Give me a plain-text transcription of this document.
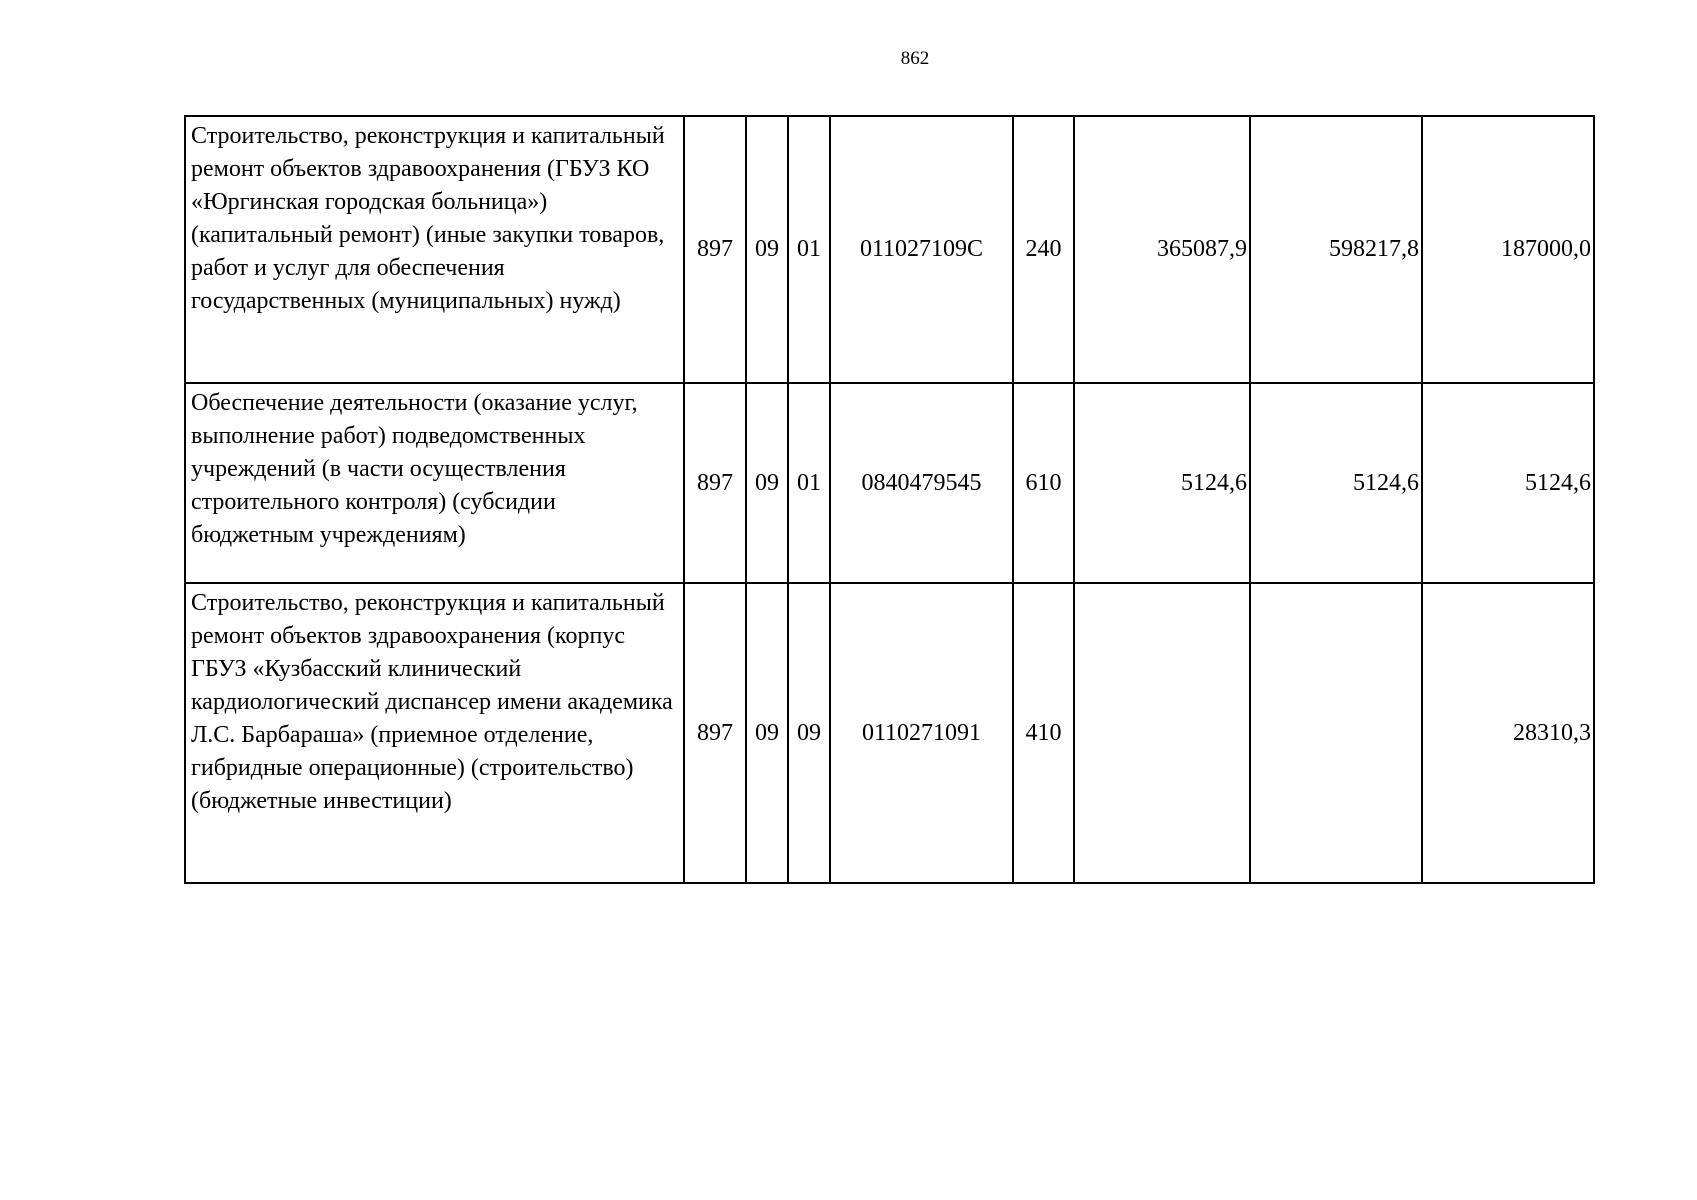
862
Строительство, реконструкция и капитальный ремонт объектов здравоохранения (ГБУЗ КО «Юргинская городская больница») (капитальный ремонт) (иные закупки товаров, работ и услуг для обеспечения государственных (муниципальных) нужд)	897	09	01	011027109С	240	365087,9	598217,8	187000,0
Обеспечение деятельности (оказание услуг, выполнение работ) подведомственных учреждений (в части осуществления строительного контроля) (субсидии бюджетным учреждениям)	897	09	01	0840479545	610	5124,6	5124,6	5124,6
Строительство, реконструкция и капитальный ремонт объектов здравоохранения (корпус ГБУЗ «Кузбасский клинический кардиологический диспансер имени академика Л.С. Барбараша» (приемное отделение, гибридные операционные) (строительство) (бюджетные инвестиции)	897	09	09	0110271091	410			28310,3
